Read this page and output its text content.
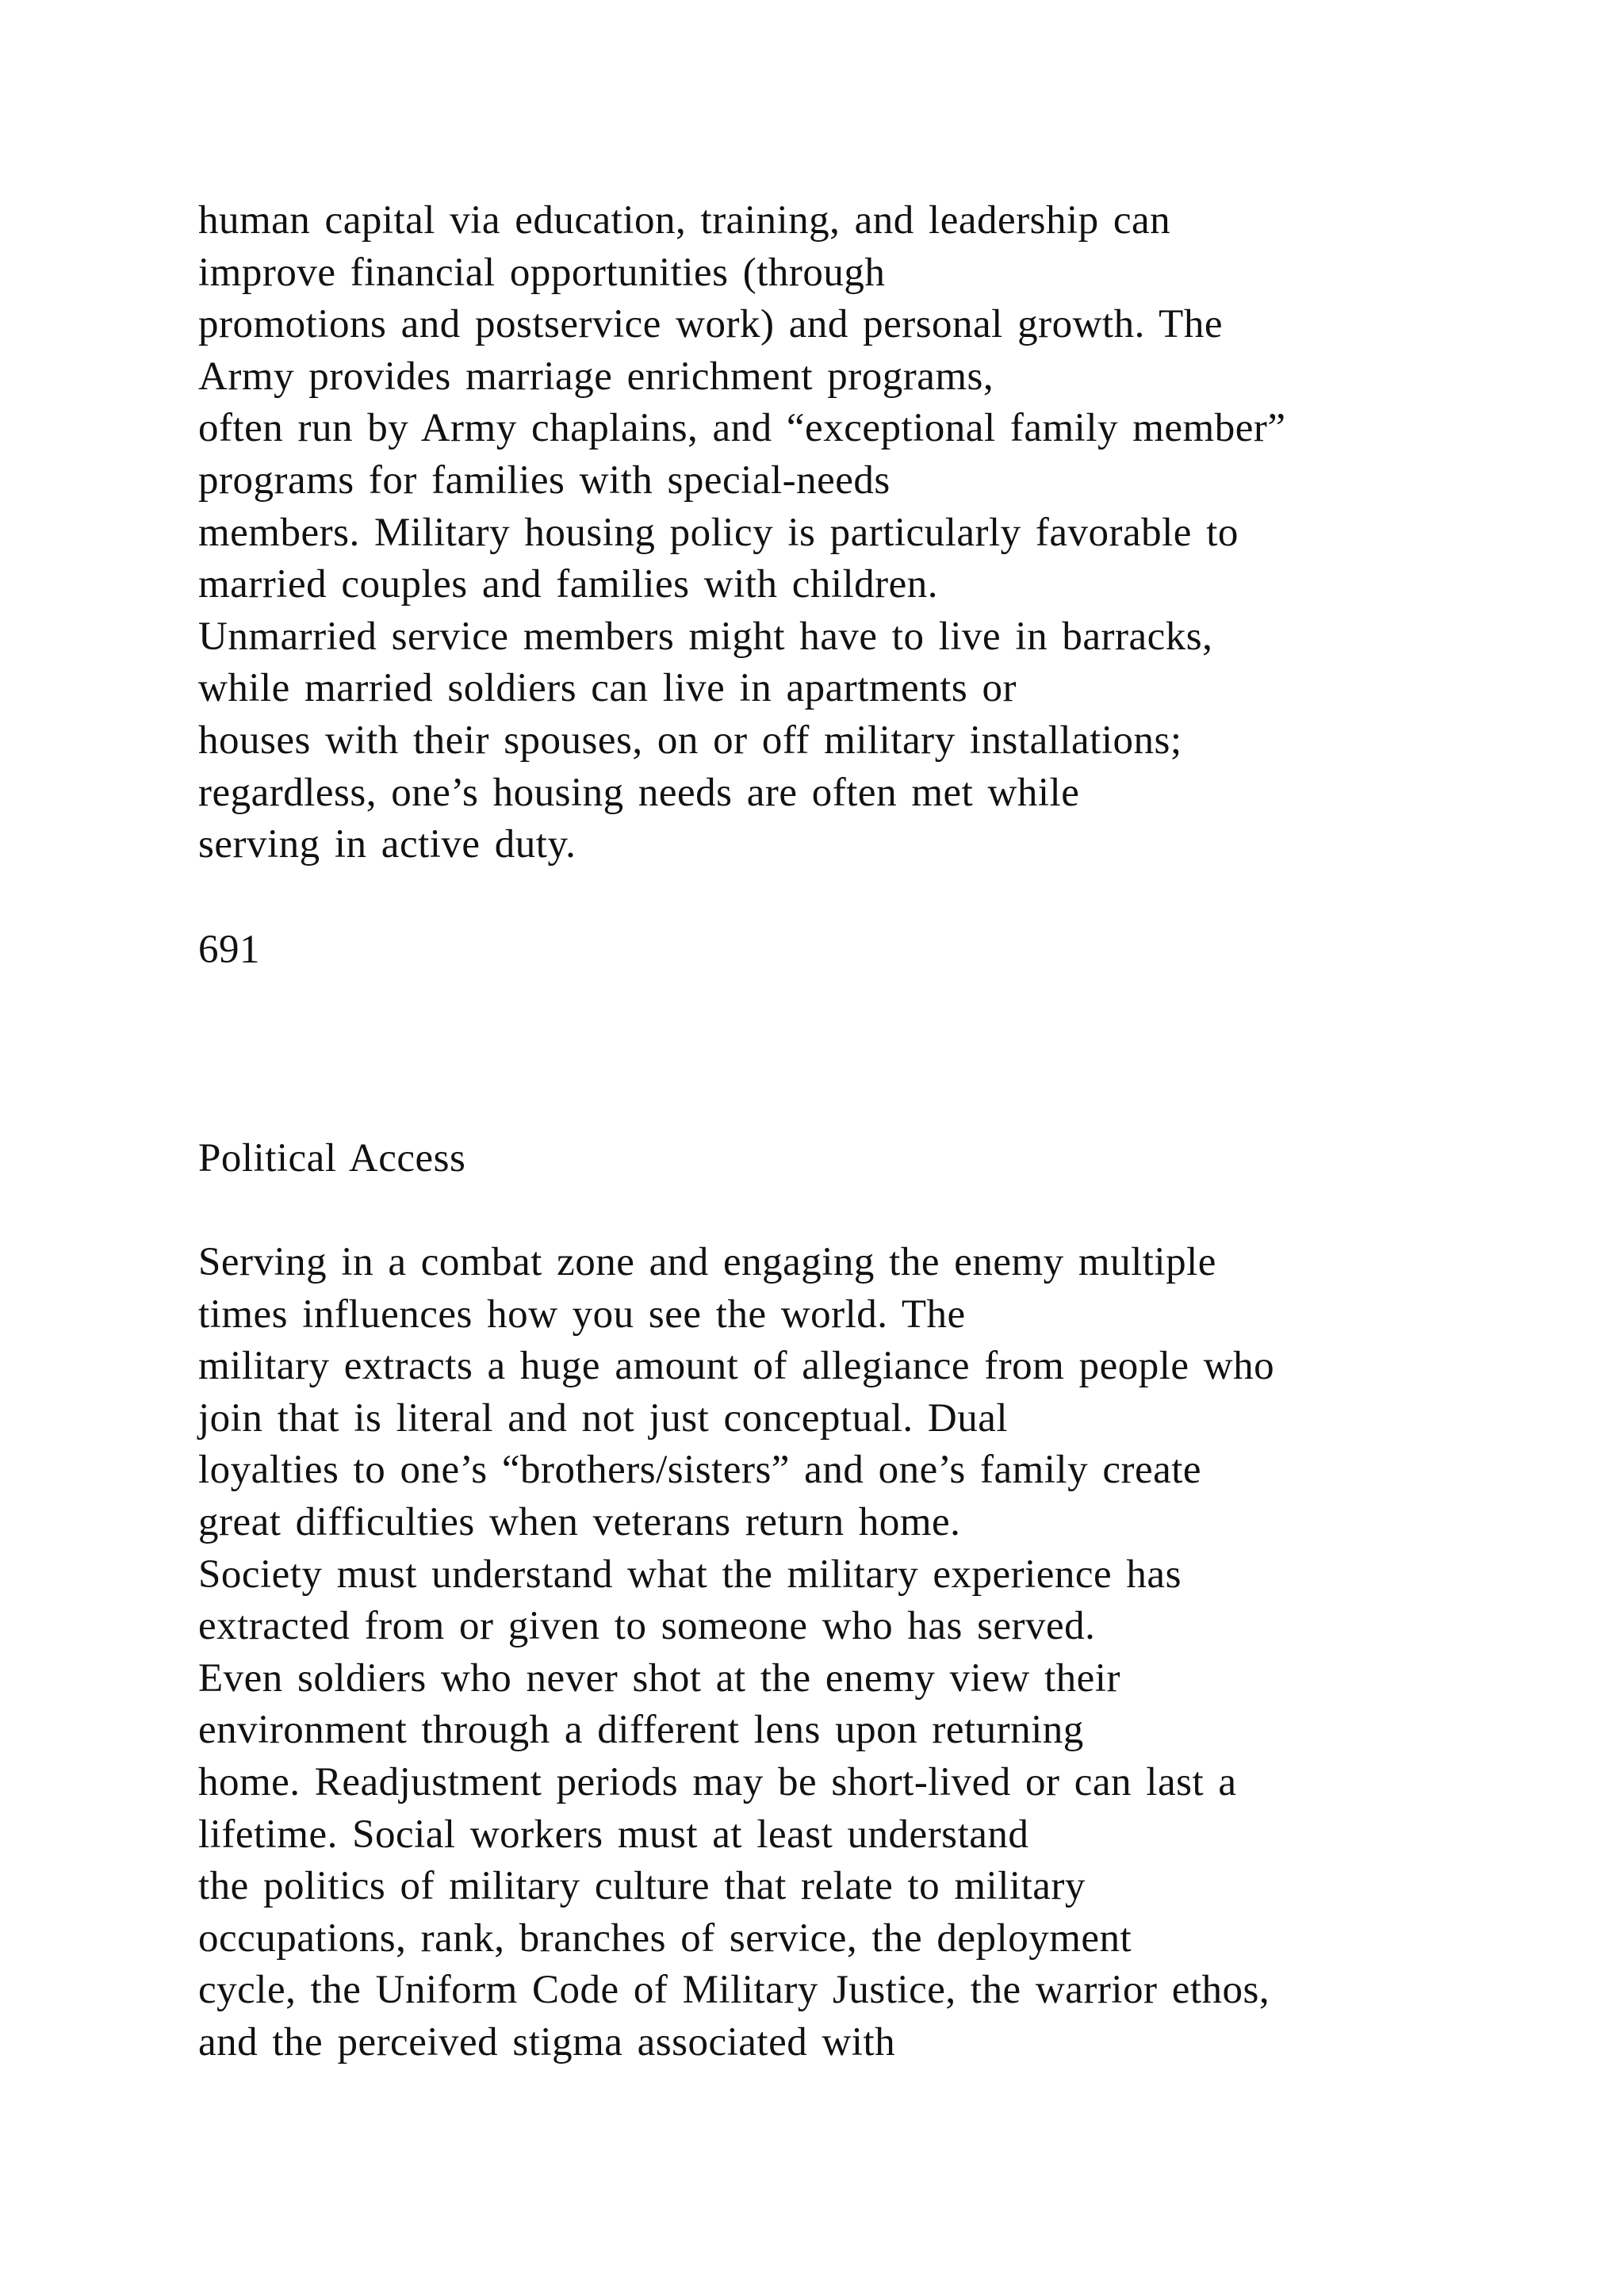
human capital via education, training, and leadership can
improve financial opportunities (through
promotions and postservice work) and personal growth. The
Army provides marriage enrichment programs,
often run by Army chaplains, and “exceptional family member”
programs for families with special-needs
members. Military housing policy is particularly favorable to
married couples and families with children.
Unmarried service members might have to live in barracks,
while married soldiers can live in apartments or
houses with their spouses, on or off military installations;
regardless, one’s housing needs are often met while
serving in active duty.
691
Political Access
Serving in a combat zone and engaging the enemy multiple
times influences how you see the world. The
military extracts a huge amount of allegiance from people who
join that is literal and not just conceptual. Dual
loyalties to one’s “brothers/sisters” and one’s family create
great difficulties when veterans return home.
Society must understand what the military experience has
extracted from or given to someone who has served.
Even soldiers who never shot at the enemy view their
environment through a different lens upon returning
home. Readjustment periods may be short-lived or can last a
lifetime. Social workers must at least understand
the politics of military culture that relate to military
occupations, rank, branches of service, the deployment
cycle, the Uniform Code of Military Justice, the warrior ethos,
and the perceived stigma associated with
